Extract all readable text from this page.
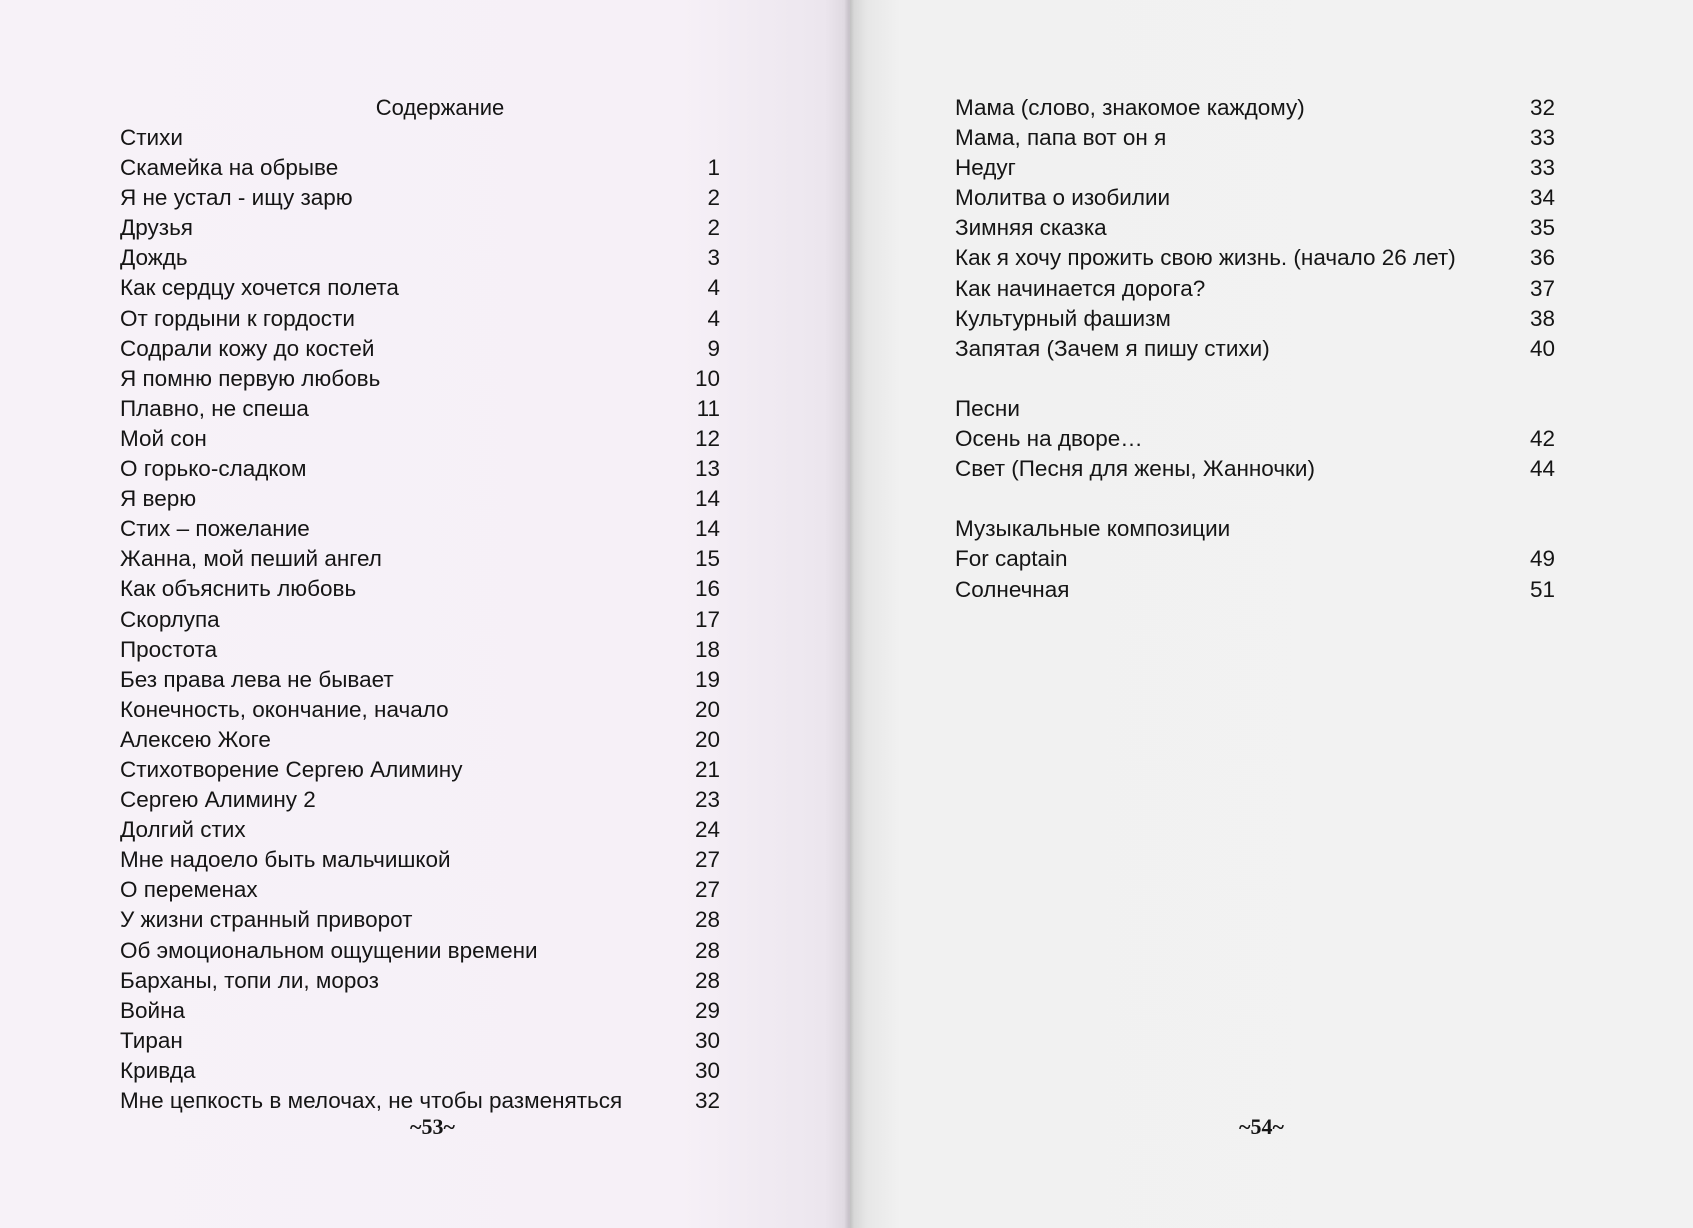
Содержание
Стихи
Скамейка на обрыве	1
Я не устал - ищу зарю	2
Друзья	2
Дождь	3
Как сердцу хочется полета	4
От гордыни к гордости	4
Содрали кожу до костей	9
Я помню первую любовь	10
Плавно, не спеша	11
Мой сон	12
О горько-сладком	13
Я верю	14
Стих – пожелание	14
Жанна, мой пеший ангел	15
Как объяснить любовь	16
Скорлупа	17
Простота	18
Без права лева не бывает	19
Конечность, окончание, начало	20
Алексею Жоге	20
Стихотворение Сергею Алимину	21
Сергею Алимину 2	23
Долгий стих	24
Мне надоело быть мальчишкой	27
О переменах	27
У жизни странный приворот	28
Об эмоциональном ощущении времени	28
Барханы, топи ли, мороз	28
Война	29
Тиран	30
Кривда	30
Мне цепкость в мелочах, не чтобы разменяться	32
~53~
Мама (слово, знакомое каждому)	32
Мама, папа вот он я	33
Недуг	33
Молитва о изобилии	34
Зимняя сказка	35
Как я хочу прожить свою жизнь. (начало 26 лет)	36
Как начинается дорога?	37
Культурный фашизм	38
Запятая (Зачем я пишу стихи)	40
Песни
Осень на дворе…	42
Свет (Песня для жены, Жанночки)	44
Музыкальные композиции
For captain	49
Солнечная	51
~54~
